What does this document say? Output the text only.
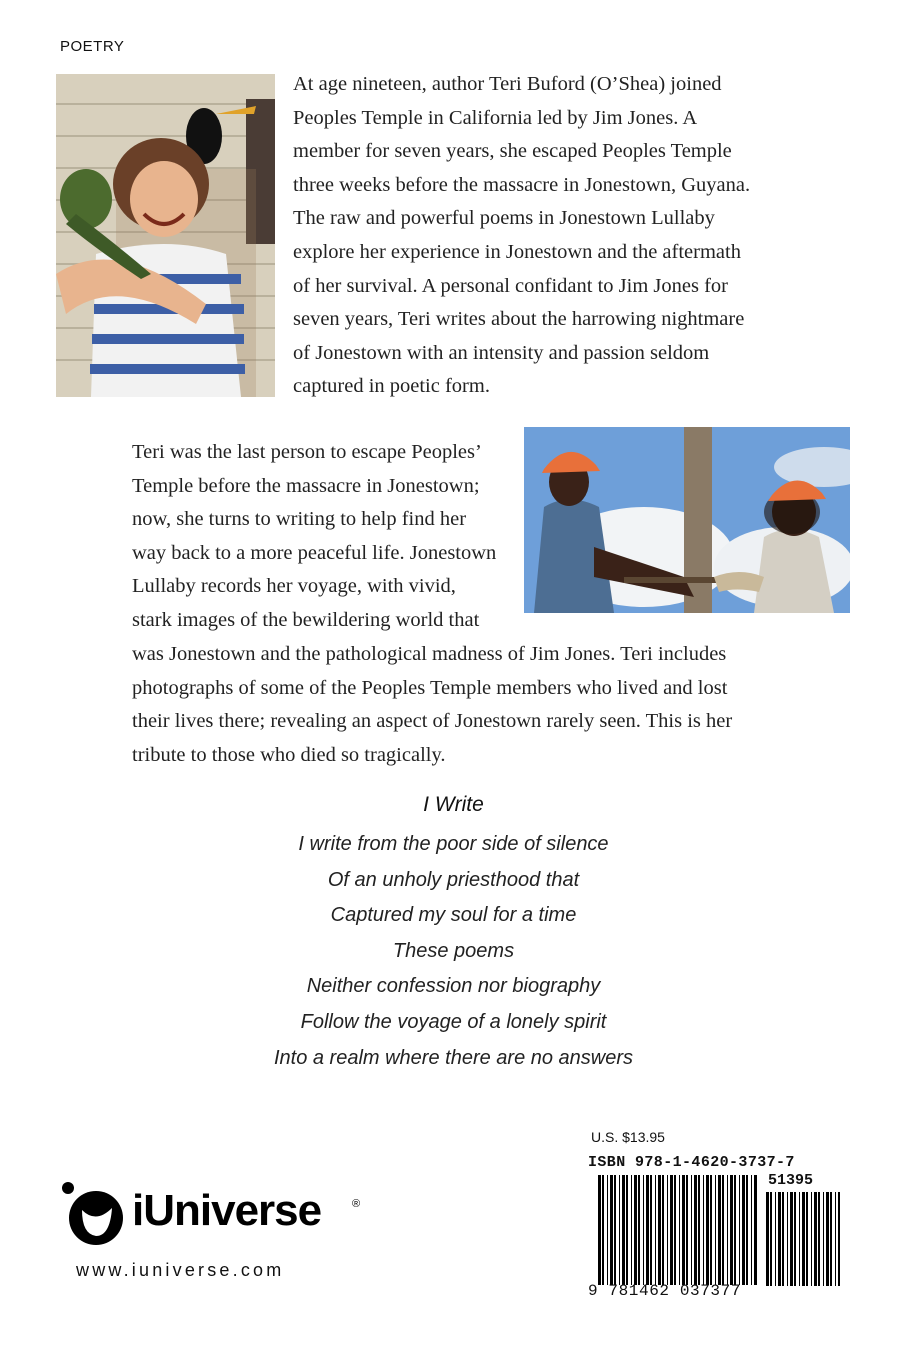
POETRY
At age nineteen, author Teri Buford (O’Shea) joined
Peoples Temple in California led by Jim Jones. A
member for seven years, she escaped Peoples Temple
three weeks before the massacre in Jonestown, Guyana.
The raw and powerful poems in Jonestown Lullaby
explore her experience in Jonestown and the aftermath
of her survival. A personal confidant to Jim Jones for
seven years, Teri writes about the harrowing nightmare
of Jonestown with an intensity and passion seldom
captured in poetic form.
Teri was the last person to escape Peoples’
Temple before the massacre in Jonestown;
now, she turns to writing to help find her
way back to a more peaceful life. Jonestown
Lullaby records her voyage, with vivid,
stark images of the bewildering world that
was Jonestown and the pathological madness of Jim Jones. Teri includes
photographs of some of the Peoples Temple members who lived and lost
their lives there; revealing an aspect of Jonestown rarely seen. This is her
tribute to those who died so tragically.
I Write
I write from the poor side of silence
Of an unholy priesthood that
Captured my soul for a time
These poems
Neither confession nor biography
Follow the voyage of a lonely spirit
Into a realm where there are no answers
iUniverse	®
www.iuniverse.com
U.S. $13.95
ISBN 978-1-4620-3737-7
51395
9 781462 037377
